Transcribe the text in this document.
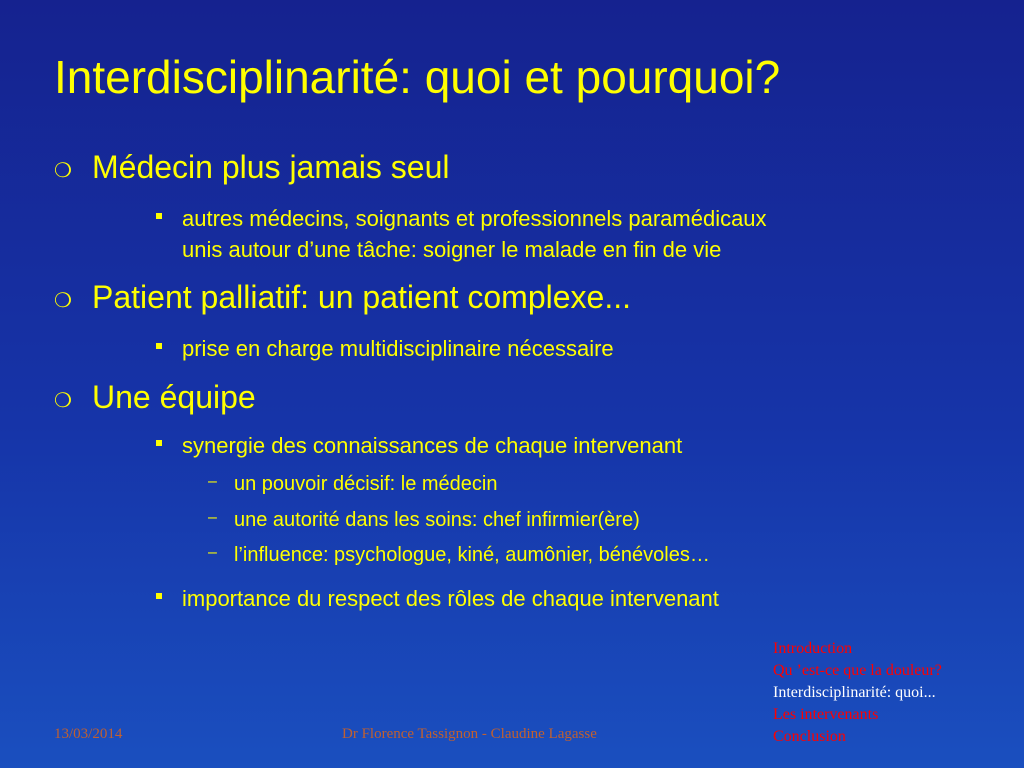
Interdisciplinarité: quoi et pourquoi?
❍ Médecin plus jamais seul
autres médecins, soignants et professionnels paramédicaux
unis autour d’une tâche: soigner le malade en fin de vie
❍ Patient palliatif: un patient complexe...
prise en charge multidisciplinaire nécessaire
❍ Une équipe
synergie des connaissances de chaque intervenant
– un pouvoir décisif: le médecin
– une autorité dans les soins: chef infirmier(ère)
– l’influence: psychologue, kiné, aumônier, bénévoles…
importance du respect des rôles de chaque intervenant
13/03/2014	Dr Florence Tassignon - Claudine Lagasse
Introduction
Qu ’est-ce que la douleur?
Interdisciplinarité: quoi...
Les intervenants
Conclusion
